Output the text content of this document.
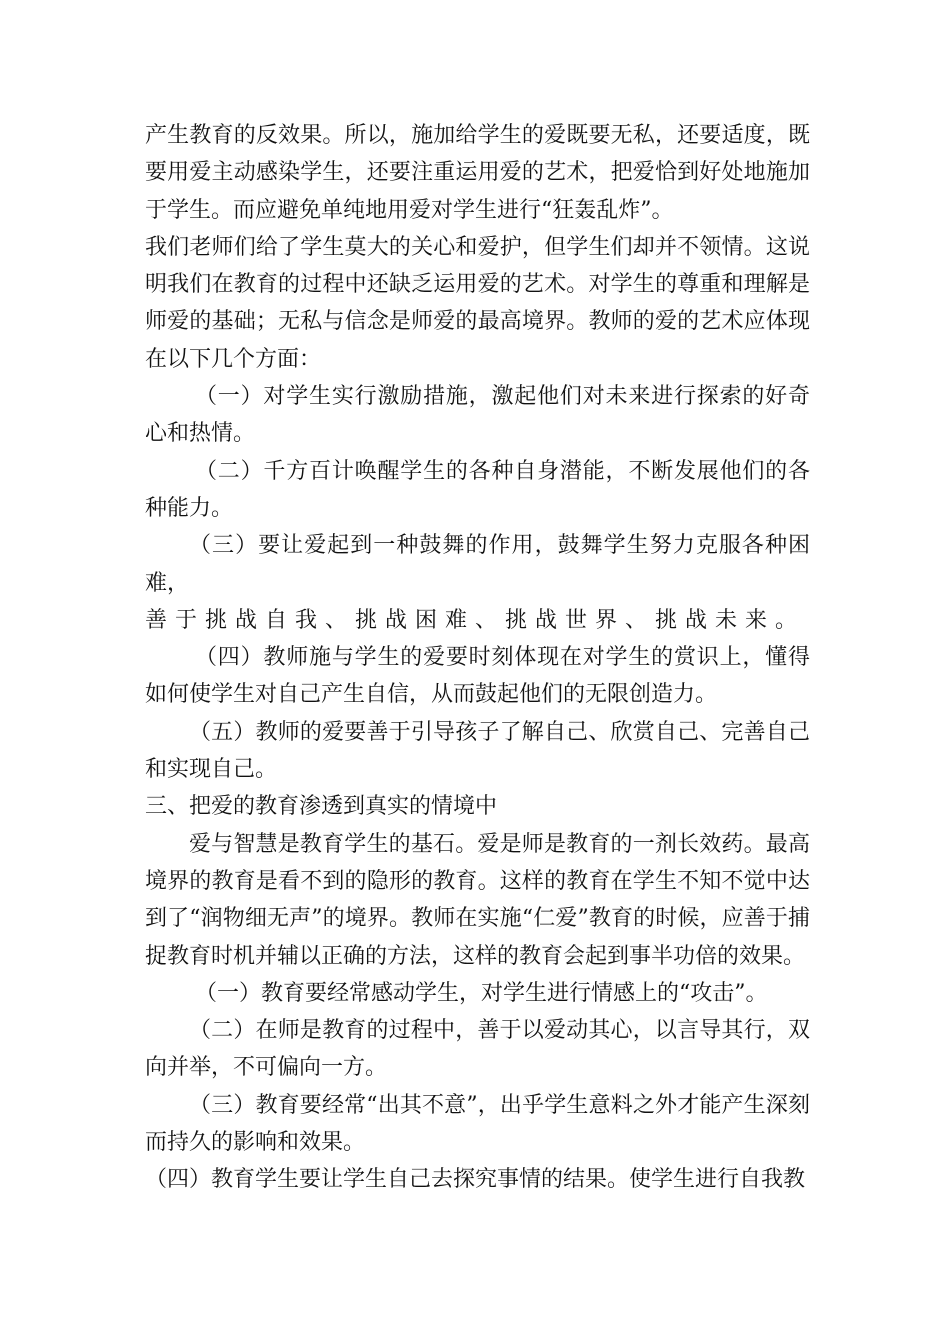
产生教育的反效果。所以，施加给学生的爱既要无私，还要适度，既要用爱主动感染学生，还要注重运用爱的艺术，把爱恰到好处地施加于学生。而应避免单纯地用爱对学生进行“狂轰乱炸”。

我们老师们给了学生莫大的关心和爱护，但学生们却并不领情。这说明我们在教育的过程中还缺乏运用爱的艺术。对学生的尊重和理解是师爱的基础；无私与信念是师爱的最高境界。教师的爱的艺术应体现在以下几个方面：

（一）对学生实行激励措施，激起他们对未来进行探索的好奇心和热情。

（二）千方百计唤醒学生的各种自身潜能，不断发展他们的各种能力。

（三）要让爱起到一种鼓舞的作用，鼓舞学生努力克服各种困难，

善于挑战自我、挑战困难、挑战世界、挑战未来。

（四）教师施与学生的爱要时刻体现在对学生的赏识上，懂得如何使学生对自己产生自信，从而鼓起他们的无限创造力。

（五）教师的爱要善于引导孩子了解自己、欣赏自己、完善自己和实现自己。

三、把爱的教育渗透到真实的情境中

爱与智慧是教育学生的基石。爱是师是教育的一剂长效药。最高境界的教育是看不到的隐形的教育。这样的教育在学生不知不觉中达到了“润物细无声”的境界。教师在实施“仁爱”教育的时候，应善于捕捉教育时机并辅以正确的方法，这样的教育会起到事半功倍的效果。

（一）教育要经常感动学生，对学生进行情感上的“攻击”。

（二）在师是教育的过程中，善于以爱动其心，以言导其行，双向并举，不可偏向一方。

（三）教育要经常“出其不意”，出乎学生意料之外才能产生深刻而持久的影响和效果。

（四）教育学生要让学生自己去探究事情的结果。使学生进行自我教
